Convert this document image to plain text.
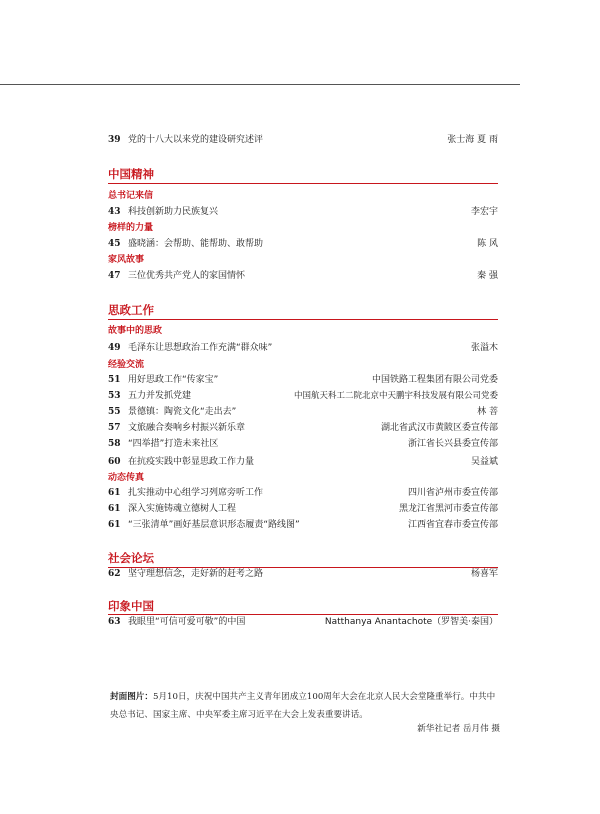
39 党的十八大以来党的建设研究述评	张士海 夏 雨
中国精神
总书记来信
43 科技创新助力民族复兴	李宏宇
榜样的力量
45 盛晓涵：会帮助、能帮助、敢帮助	陈 风
家风故事
47 三位优秀共产党人的家国情怀	秦 强
思政工作
故事中的思政
49 毛泽东让思想政治工作充满“群众味”	张溢木
经验交流
51 用好思政工作“传家宝”	中国铁路工程集团有限公司党委
53 五力并发抓党建	中国航天科工二院北京中天鹏宇科技发展有限公司党委
55 景德镇：陶瓷文化“走出去”	林 菩
57 文旅融合奏响乡村振兴新乐章	湖北省武汉市黄陂区委宣传部
58 “四举措”打造未来社区	浙江省长兴县委宣传部
60 在抗疫实践中彰显思政工作力量	吴益斌
动态传真
61 扎实推动中心组学习列席旁听工作	四川省泸州市委宣传部
61 深入实施铸魂立德树人工程	黑龙江省黑河市委宣传部
61 “三张清单”画好基层意识形态履责“路线图”	江西省宜春市委宣传部
社会论坛
62 坚守理想信念，走好新的赶考之路	杨喜军
印象中国
63 我眼里“可信可爱可敬”的中国	Natthanya Anantachote（罗智美·泰国）
封面图片：5月10日，庆祝中国共产主义青年团成立100周年大会在北京人民大会堂隆重举行。中共中央总书记、国家主席、中央军委主席习近平在大会上发表重要讲话。
新华社记者 岳月伟 摄
